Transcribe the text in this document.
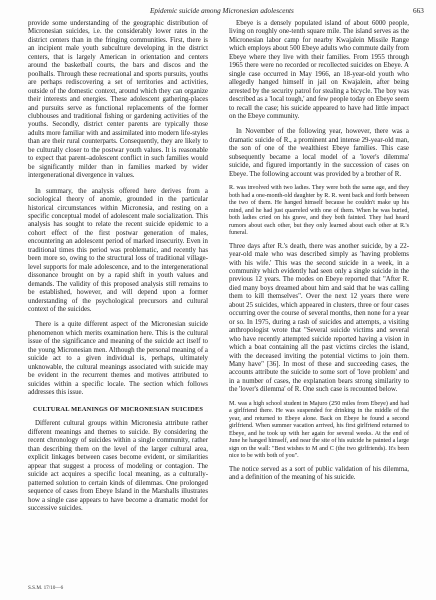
Epidemic suicide among Micronesian adolescents	663

provide some understanding of the geographic distribution of Micronesian suicides, i.e. the considerably lower rates in the district centers than in the fringing communities. First, there is an incipient male youth subculture developing in the district centers, that is largely American in orientation and centers around the basketball courts, the bars and discos and the poolhalls. Through these recreational and sports pursuits, youths are perhaps rediscovering a set of territories and activities, outside of the domestic context, around which they can organize their interests and energies. These adolescent gathering-places and pursuits serve as functional replacements of the former clubhouses and traditional fishing or gardening activities of the youths. Secondly, district center parents are typically those adults more familiar with and assimilated into modern life-styles than are their rural counterparts. Consequently, they are likely to be culturally closer to the postwar youth values. It is reasonable to expect that parent–adolescent conflict in such families would be significantly milder than in families marked by wider intergenerational divergence in values.

In summary, the analysis offered here derives from a sociological theory of anomie, grounded in the particular historical circumstances within Micronesia, and resting on a specific conceptual model of adolescent male socialization. This analysis has sought to relate the recent suicide epidemic to a cohort effect of the first postwar generation of males, encountering an adolescent period of marked insecurity. Even in traditional times this period was problematic, and recently has been more so, owing to the structural loss of traditional village-level supports for male adolescence, and to the intergenerational dissonance brought on by a rapid shift in youth values and demands. The validity of this proposed analysis still remains to be established, however, and will depend upon a former understanding of the psychological precursors and cultural context of the suicides.

There is a quite different aspect of the Micronesian suicide phenomenon which merits examination here. This is the cultural issue of the significance and meaning of the suicide act itself to the young Micronesian men. Although the personal meaning of a suicide act to a given individual is, perhaps, ultimately unknowable, the cultural meanings associated with suicide may be evident in the recurrent themes and motives attributed to suicides within a specific locale. The section which follows addresses this issue.

CULTURAL MEANINGS OF MICRONESIAN SUICIDES

Different cultural groups within Micronesia attribute rather different meanings and themes to suicide. By considering the recent chronology of suicides within a single community, rather than describing them on the level of the larger cultural area, explicit linkages between cases become evident, or similarities appear that suggest a process of modeling or contagion. The suicide act acquires a specific local meaning, as a culturally-patterned solution to certain kinds of dilemmas. One prolonged sequence of cases from Ebeye Island in the Marshalls illustrates how a single case appears to have become a dramatic model for successive suicides.

Ebeye is a densely populated island of about 6000 people, living on roughly one-tenth square mile. The island serves as the Micronesian labor camp for nearby Kwajalein Missile Range which employs about 500 Ebeye adults who commute daily from Ebeye where they live with their families. From 1955 through 1965 there were no recorded or recollected suicides on Ebeye. A single case occurred in May 1966, an 18-year-old youth who allegedly hanged himself in jail on Kwajalein, after being arrested by the security patrol for stealing a bicycle. The boy was described as a 'local tough,' and few people today on Ebeye seem to recall the case; his suicide appeared to have had little impact on the Ebeye community.

In November of the following year, however, there was a dramatic suicide of R., a prominent and intense 29-year-old man, the son of one of the wealthiest Ebeye families. This case subsequently became a local model of a 'lover's dilemma' suicide, and figured importantly in the succession of cases on Ebeye. The following account was provided by a brother of R.

R. was involved with two ladies. They were both the same age, and they both had a one-month-old daughter by R. R. went back and forth between the two of them. He hanged himself because he couldn't make up his mind, and he had just quarreled with one of them. When he was buried, both ladies cried on his grave, and they both fainted. They had heard rumors about each other, but they only learned about each other at R.'s funeral.

Three days after R.'s death, there was another suicide, by a 22-year-old male who was described simply as 'having problems with his wife.' This was the second suicide in a week, in a community which evidently had seen only a single suicide in the previous 12 years. The modes on Ebeye reported that "After R. died many boys dreamed about him and said that he was calling them to kill themselves". Over the next 12 years there were about 25 suicides, which appeared in clusters, three or four cases occurring over the course of several months, then none for a year or so. In 1975, during a rash of suicides and attempts, a visiting anthropologist wrote that "Several suicide victims and several who have recently attempted suicide reported having a vision in which a boat containing all the past victims circles the island, with the deceased inviting the potential victims to join them. Many have" [36]. In most of these and succeeding cases, the accounts attribute the suicide to some sort of 'love problem' and in a number of cases, the explanation bears strong similarity to the 'lover's dilemma' of R. One such case is recounted below.

M. was a high school student in Majuro (250 miles from Ebeye) and had a girlfriend there. He was suspended for drinking in the middle of the year, and returned to Ebeye alone. Back on Ebeye he found a second girlfriend. When summer vacation arrived, his first girlfriend returned to Ebeye, and he took up with her again for several weeks. At the end of June he hanged himself, and near the site of his suicide he painted a large sign on the wall: "Best wishes to M and C (the two girlfriends). It's been nice to be with both of you".

The notice served as a sort of public validation of his dilemma, and a definition of the meaning of his suicide.

S.S.M. 17/10—6
